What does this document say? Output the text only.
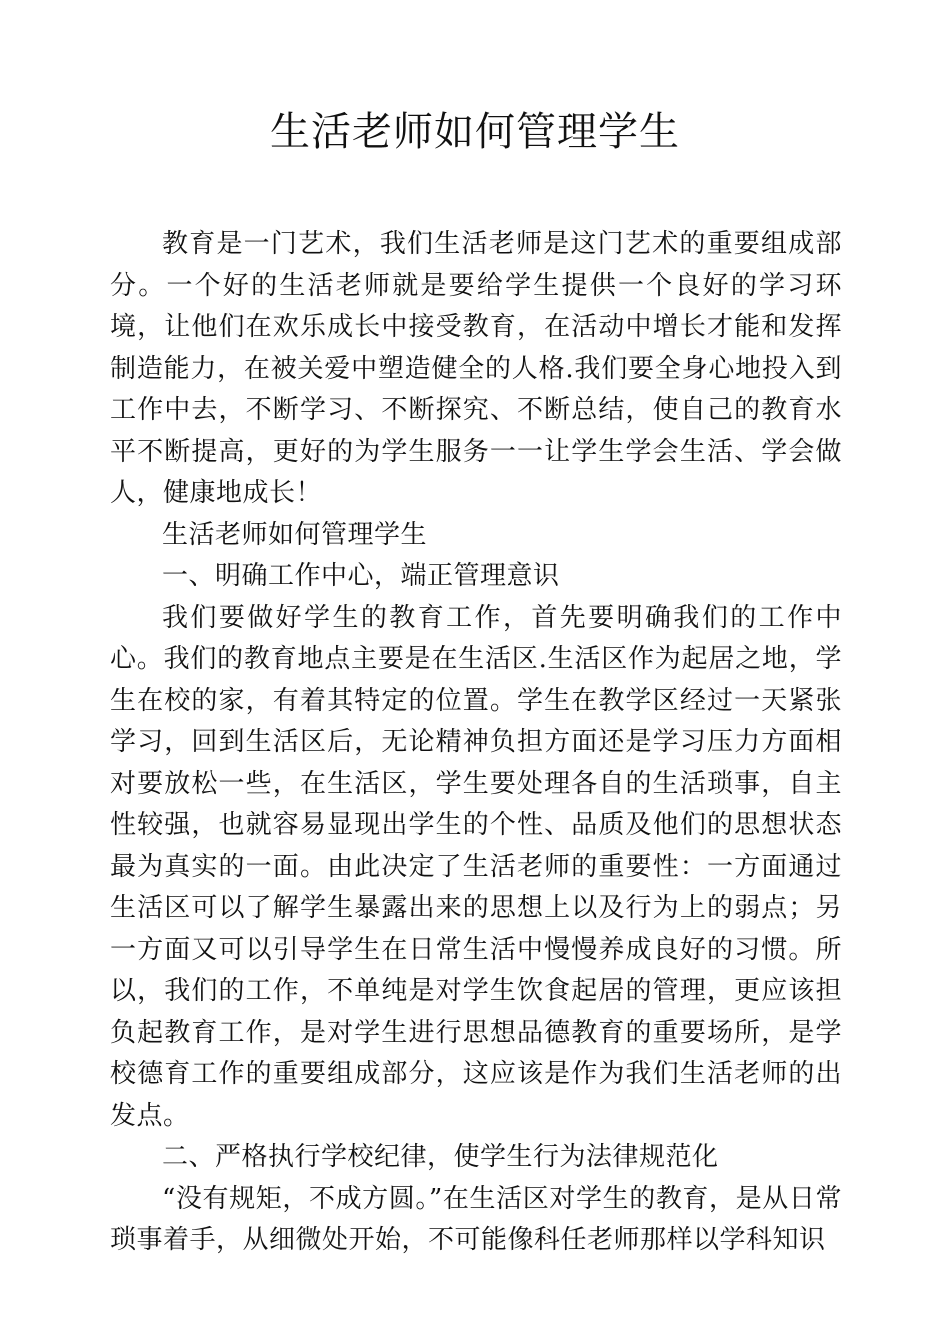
生活老师如何管理学生

教育是一门艺术，我们生活老师是这门艺术的重要组成部分。一个好的生活老师就是要给学生提供一个良好的学习环境，让他们在欢乐成长中接受教育，在活动中增长才能和发挥制造能力，在被关爱中塑造健全的人格.我们要全身心地投入到工作中去，不断学习、不断探究、不断总结，使自己的教育水平不断提高，更好的为学生服务一一让学生学会生活、学会做人，健康地成长！

生活老师如何管理学生

一、明确工作中心，端正管理意识

我们要做好学生的教育工作，首先要明确我们的工作中心。我们的教育地点主要是在生活区.生活区作为起居之地，学生在校的家，有着其特定的位置。学生在教学区经过一天紧张学习，回到生活区后，无论精神负担方面还是学习压力方面相对要放松一些，在生活区，学生要处理各自的生活琐事，自主性较强，也就容易显现出学生的个性、品质及他们的思想状态最为真实的一面。由此决定了生活老师的重要性：一方面通过生活区可以了解学生暴露出来的思想上以及行为上的弱点；另一方面又可以引导学生在日常生活中慢慢养成良好的习惯。所以，我们的工作，不单纯是对学生饮食起居的管理，更应该担负起教育工作，是对学生进行思想品德教育的重要场所，是学校德育工作的重要组成部分，这应该是作为我们生活老师的出发点。

二、严格执行学校纪律，使学生行为法律规范化

“没有规矩，不成方圆。”在生活区对学生的教育，是从日常琐事着手，从细微处开始，不可能像科任老师那样以学科知识
